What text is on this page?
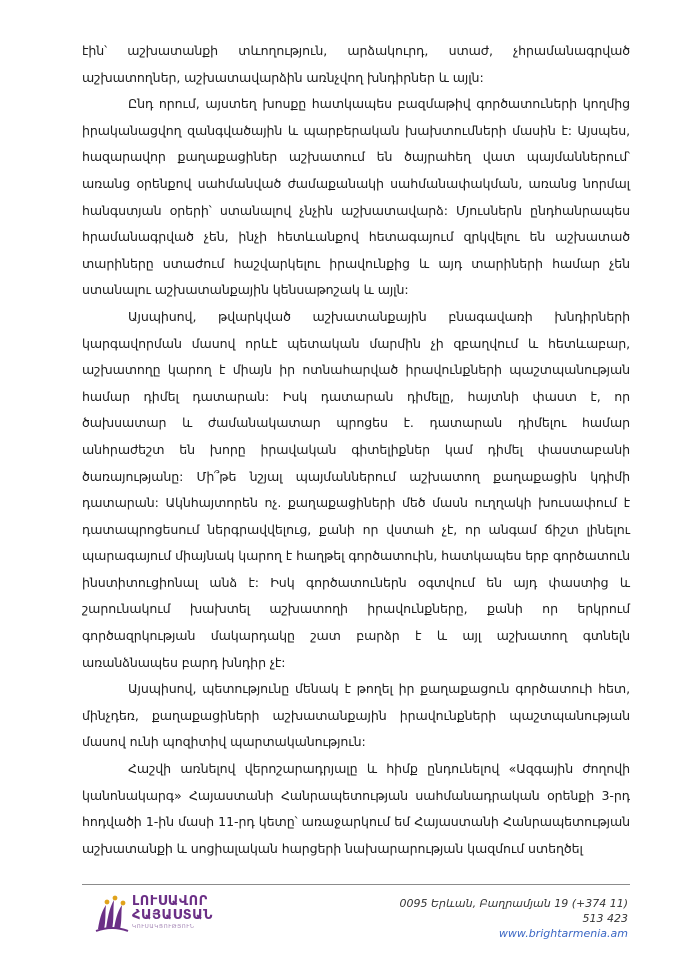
էին՝ աշխատանքի տևողություն, արձակուրդ, ստաժ, չհրամանագրված աշխատողներ, աշխատավարձին առնչվող խնդիրներ և այլն:

Ընդ որում, այստեղ խոսքը հատկապես բազմաթիվ գործատուների կողմից իրականացվող զանգվածային և պարբերական խախտումների մասին է: Այսպես, հազարավոր քաղաքացիներ աշխատում են ծայրահեղ վատ պայմաններում՝ առանց օրենքով սահմանված ժամաքանակի սահմանափակման, առանց նորմալ հանգստյան օրերի՝ ստանալով չնչին աշխատավարձ: Մյուսներն ընդհանրապես հրամանագրված չեն, ինչի հետևանքով հետագայում զրկվելու են աշխատած տարիները ստաժում հաշվարկելու իրավունքից և այդ տարիների համար չեն ստանալու աշխատանքային կենսաթոշակ և այլն:

Այսպիսով, թվարկված աշխատանքային բնագավառի խնդիրների կարգավորման մասով որևէ պետական մարմին չի զբաղվում և հետևաբար, աշխատողը կարող է միայն իր ոտնահարված իրավունքների պաշտպանության համար դիմել դատարան: Իսկ դատարան դիմելը, հայտնի փաստ է, որ ծախսատար և ժամանակատար պրոցես է. դատարան դիմելու համար անհրաժեշտ են խորը իրավական գիտելիքներ կամ դիմել փաստաբանի ծառայությանը: Մի՞թե նշյալ պայմաններում աշխատող քաղաքացին կդիմի դատարան: Ակնհայտորեն ոչ. քաղաքացիների մեծ մասն ուղղակի խուսափում է դատապրոցեսում ներգրավվելուց, քանի որ վստահ չէ, որ անգամ ճիշտ լինելու պարագայում միայնակ կարող է հաղթել գործատուին, հատկապես երբ գործատուն ինստիտուցիոնալ անձ է: Իսկ գործատուներն օգտվում են այդ փաստից և շարունակում խախտել աշխատողի իրավունքները, քանի որ երկրում գործազրկության մակարդակը շատ բարձր է և այլ աշխատող գտնելն առանձնապես բարդ խնդիր չէ:

Այսպիսով, պետությունը մենակ է թողել իր քաղաքացուն գործատուի հետ, մինչդեռ, քաղաքացիների աշխատանքային իրավունքների պաշտպանության մասով ունի պոզիտիվ պարտականություն:

Հաշվի առնելով վերոշարադրյալը և հիմք ընդունելով «Ազգային ժողովի կանոնակարգ» Հայաստանի Հանրապետության սահմանադրական օրենքի 3-րդ հոդվածի 1-ին մասի 11-րդ կետը՝ առաջարկում եմ Հայաստանի Հանրապետության աշխատանքի և սոցիալական հարցերի նախարարության կազմում ստեղծել

ԼՈՒՍԱՎՈՐ
ՀԱՅԱՍՏԱՆ
ԿՈՒՍԱԿՑՈՒԹՅՈՒՆ
0095 Երևան, Բաղրամյան 19 (+374 11) 513 423
www.brightarmenia.am
